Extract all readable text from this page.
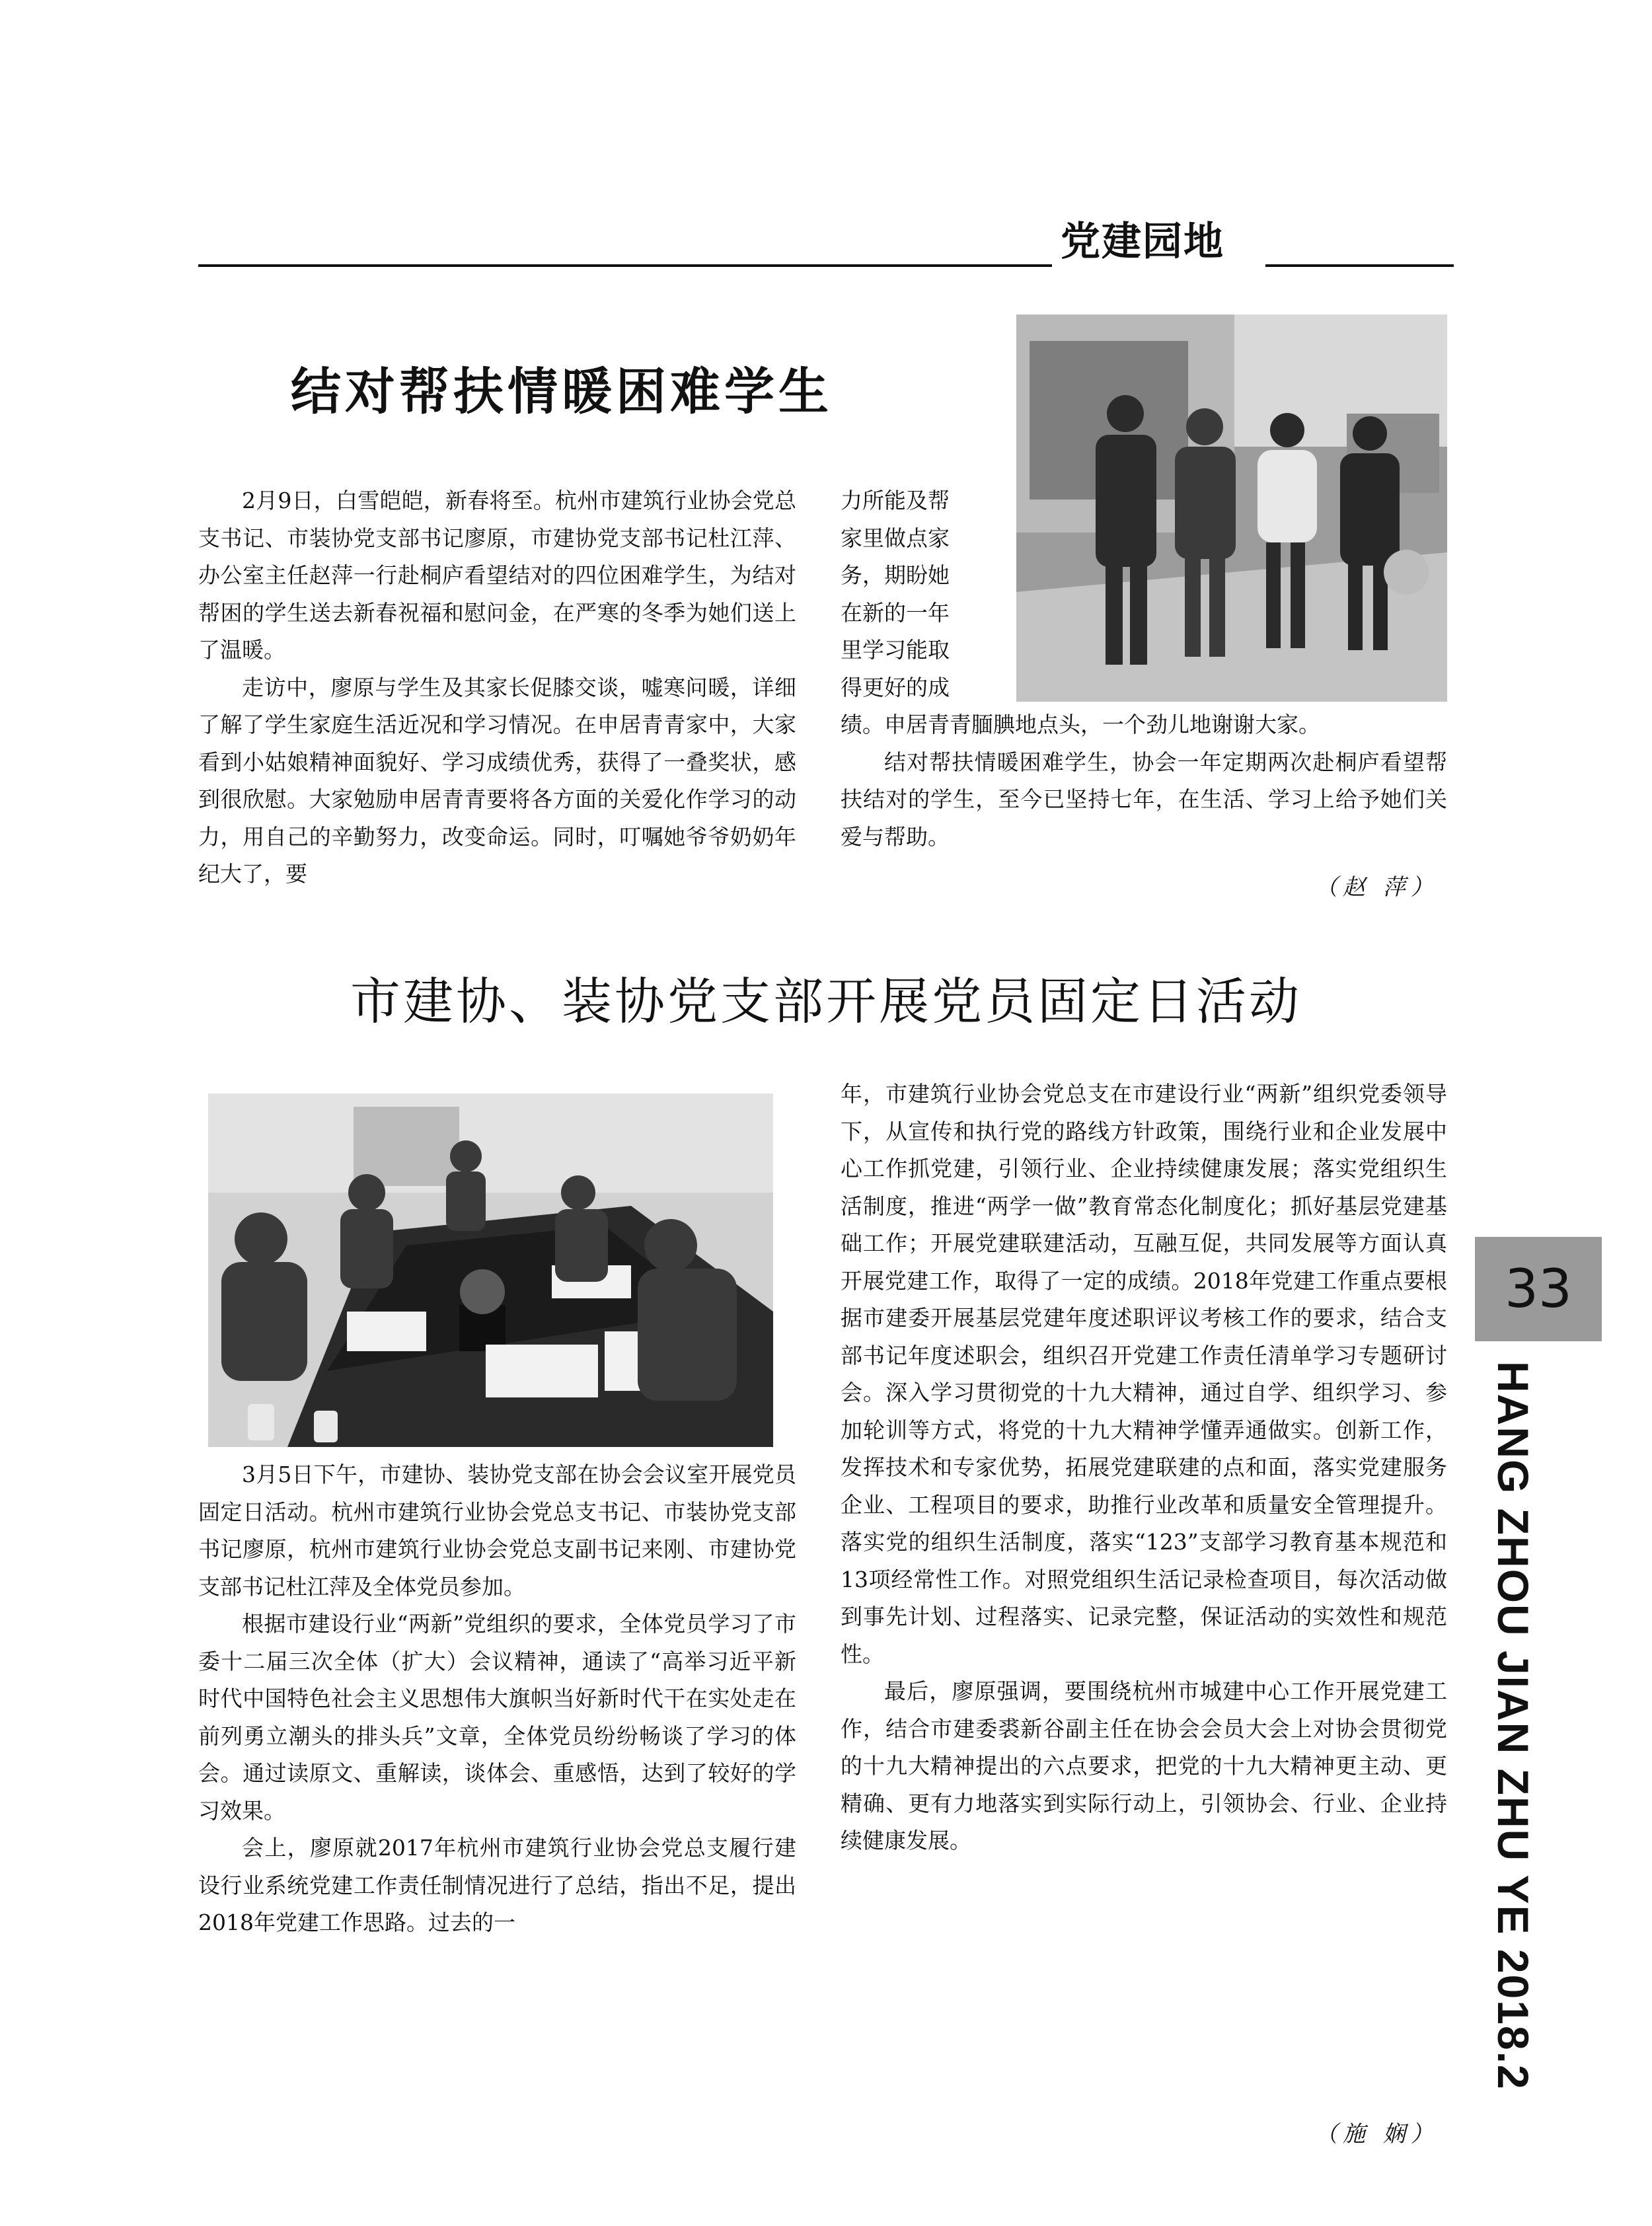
党建园地
结对帮扶情暖困难学生

2月9日，白雪皑皑，新春将至。杭州市建筑行业协会党总支书记、市装协党支部书记廖原，市建协党支部书记杜江萍、办公室主任赵萍一行赴桐庐看望结对的四位困难学生，为结对帮困的学生送去新春祝福和慰问金，在严寒的冬季为她们送上了温暖。

走访中，廖原与学生及其家长促膝交谈，嘘寒问暖，详细了解了学生家庭生活近况和学习情况。在申居青青家中，大家看到小姑娘精神面貌好、学习成绩优秀，获得了一叠奖状，感到很欣慰。大家勉励申居青青要将各方面的关爱化作学习的动力，用自己的辛勤努力，改变命运。同时，叮嘱她爷爷奶奶年纪大了，要

力所能及帮

家里做点家

务，期盼她

在新的一年

里学习能取

得更好的成

绩。申居青青腼腆地点头，一个劲儿地谢谢大家。

结对帮扶情暖困难学生，协会一年定期两次赴桐庐看望帮扶结对的学生，至今已坚持七年，在生活、学习上给予她们关爱与帮助。

（赵 萍）
市建协、装协党支部开展党员固定日活动

3月5日下午，市建协、装协党支部在协会会议室开展党员固定日活动。杭州市建筑行业协会党总支书记、市装协党支部书记廖原，杭州市建筑行业协会党总支副书记来刚、市建协党支部书记杜江萍及全体党员参加。

根据市建设行业“两新”党组织的要求，全体党员学习了市委十二届三次全体（扩大）会议精神，通读了“高举习近平新时代中国特色社会主义思想伟大旗帜当好新时代干在实处走在前列勇立潮头的排头兵”文章，全体党员纷纷畅谈了学习的体会。通过读原文、重解读，谈体会、重感悟，达到了较好的学习效果。

会上，廖原就2017年杭州市建筑行业协会党总支履行建设行业系统党建工作责任制情况进行了总结，指出不足，提出2018年党建工作思路。过去的一

年，市建筑行业协会党总支在市建设行业“两新”组织党委领导下，从宣传和执行党的路线方针政策，围绕行业和企业发展中心工作抓党建，引领行业、企业持续健康发展；落实党组织生活制度，推进“两学一做”教育常态化制度化；抓好基层党建基础工作；开展党建联建活动，互融互促，共同发展等方面认真开展党建工作，取得了一定的成绩。2018年党建工作重点要根据市建委开展基层党建年度述职评议考核工作的要求，结合支部书记年度述职会，组织召开党建工作责任清单学习专题研讨会。深入学习贯彻党的十九大精神，通过自学、组织学习、参加轮训等方式，将党的十九大精神学懂弄通做实。创新工作，发挥技术和专家优势，拓展党建联建的点和面，落实党建服务企业、工程项目的要求，助推行业改革和质量安全管理提升。落实党的组织生活制度，落实“123”支部学习教育基本规范和13项经常性工作。对照党组织生活记录检查项目，每次活动做到事先计划、过程落实、记录完整，保证活动的实效性和规范性。

最后，廖原强调，要围绕杭州市城建中心工作开展党建工作，结合市建委裘新谷副主任在协会会员大会上对协会贯彻党的十九大精神提出的六点要求，把党的十九大精神更主动、更精确、更有力地落实到实际行动上，引领协会、行业、企业持续健康发展。

（施 娴）
33
HANG ZHOU JIAN ZHU YE 2018.2
